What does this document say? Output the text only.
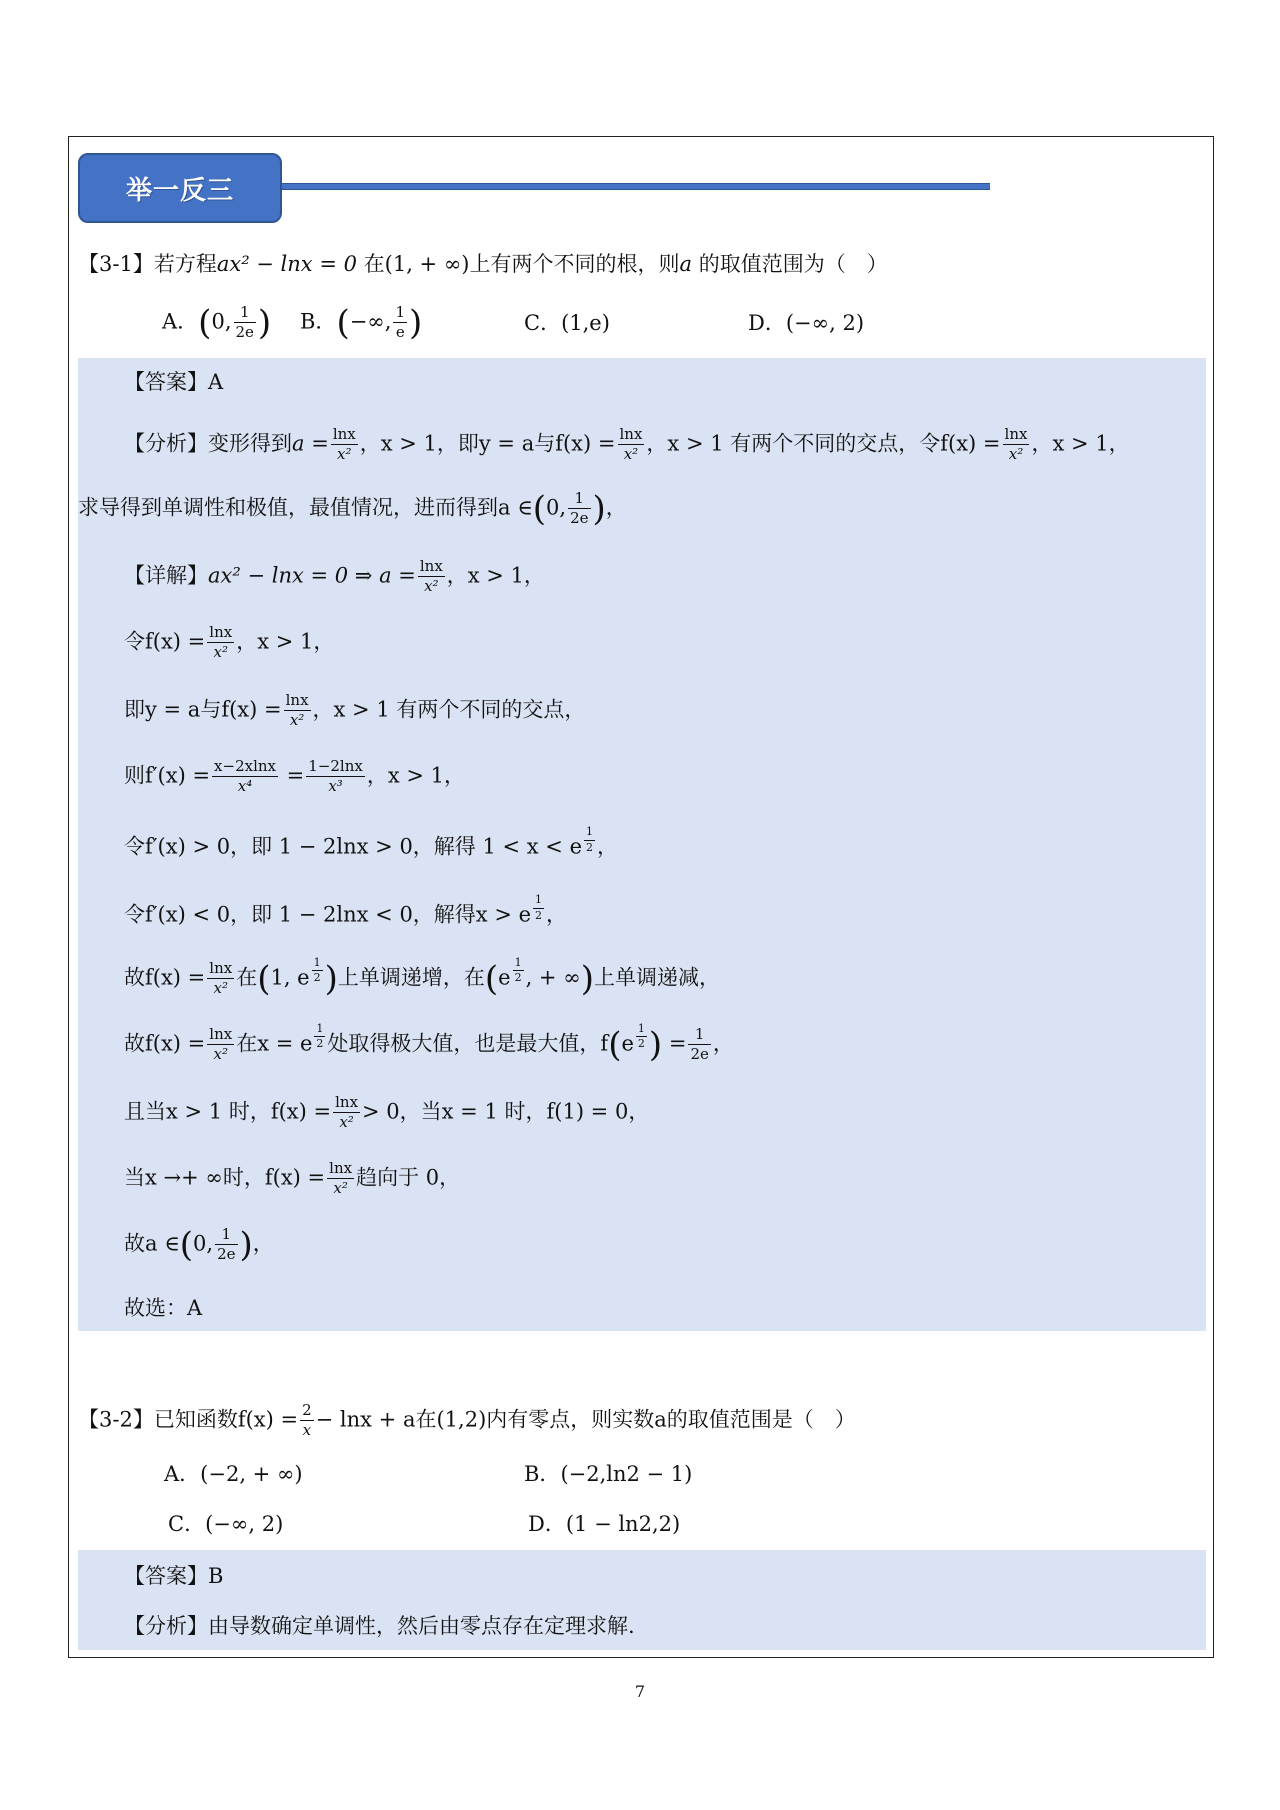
举一反三
【3-1】若方程ax² − lnx = 0 在(1, + ∞)上有两个不同的根，则a 的取值范围为（　）
A．(0, $\frac{1}{2e}$ ) B．(−∞, $\frac{1}{e}$ )	C．(1,e)	D．(−∞, 2)
【答案】A
【分析】变形得到$a = \frac{\ln x}{\text{x²}}$ ，x > 1，即y = a与$f(x) = \frac{\ln x}{\text{x²}}$ ，x > 1 有两个不同的交点，令$f(x) = \frac{\ln x}{\text{x²}}$ ，x > 1，
求导得到单调性和极值，最值情况，进而得到a ∈(0, $\frac{1}{2e}$ )，
【详解】ax² − lnx = 0 ⇒ $a = \frac{\ln x}{\text{x²}}$ ，x > 1，
令$f(x) = \frac{\ln x}{\text{x²}}$ ，x > 1，
即y = a与$f(x) = \frac{\ln x}{\text{x²}}$ ，x > 1 有两个不同的交点，
则$f'(x) = \frac{x-2xlnx}{\text{x⁴}} = \frac{1-2\ln x}{\text{x³}}$ ，x > 1，
令f′(x) > 0，即 1 − 2lnx > 0，解得 1 < x < e $\frac{1}{2}$ ，
令f′(x) < 0，即 1 − 2lnx < 0，解得x > e $\frac{1}{2}$ ，
故$f(x) = \frac{\ln x}{\text{x²}}$ 在(1, e $\frac{1}{2}$ )上单调递增，在($e \frac{1}{2}$ , + ∞)上单调递减，
故$f(x) = \frac{\ln x}{\text{x²}}$ 在x = e $\frac{1}{2}$ 处取得极大值，也是最大值，$f(e \frac{1}{2}$ ) = $\frac{1}{2e}$ ，
且当x > 1 时，$f(x) = \frac{\ln x}{\text{x²}} > 0$，当x = 1 时，f(1) = 0，
当x →+ ∞时，$f(x) = \frac{\ln x}{\text{x²}}$ 趋向于 0，
故a ∈(0, $\frac{1}{2e}$ )，
故选：A
【3-2】已知函数$f(x) = \frac{2}{x} - \ln x + a$在(1,2)内有零点，则实数a的取值范围是（　）
A．(−2, + ∞)	B．(−2,ln2 − 1)
C．(−∞, 2)	D．(1 − ln2,2)
【答案】B
【分析】由导数确定单调性，然后由零点存在定理求解.
7
